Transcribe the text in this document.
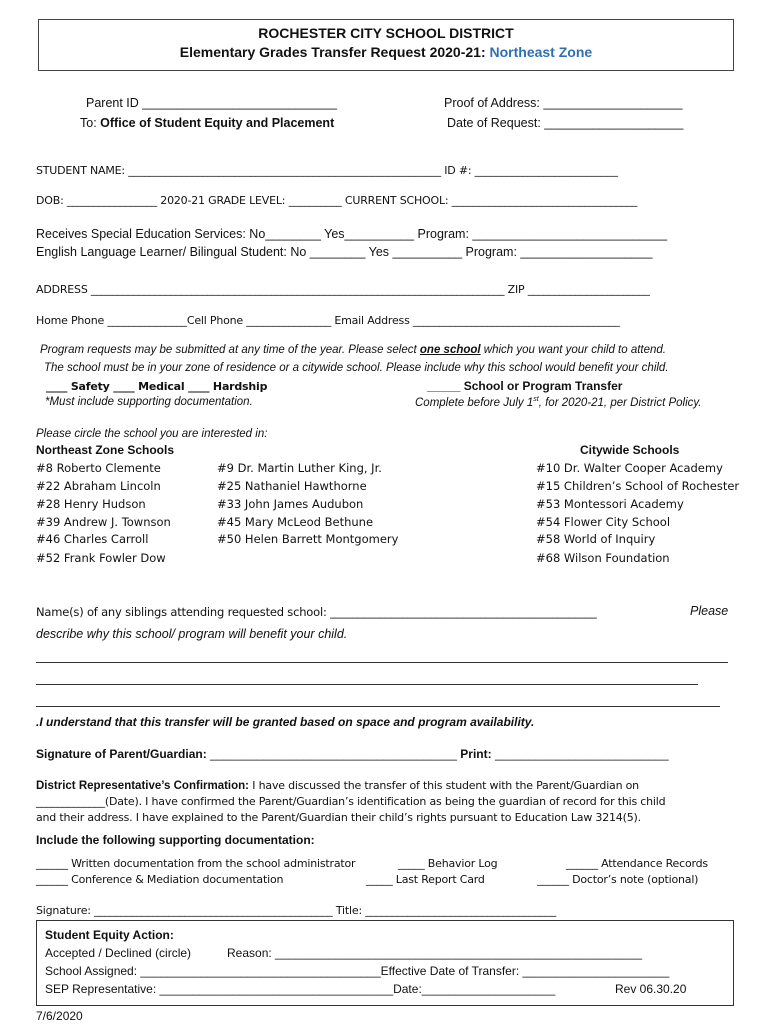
ROCHESTER CITY SCHOOL DISTRICT
Elementary Grades Transfer Request 2020-21: Northeast Zone
Parent ID ____________________________
To: Office of Student Equity and Placement
Proof of Address: ____________________
Date of Request: ____________________
STUDENT NAME: ___________________________________________________________ ID #: ___________________________
DOB: _________________ 2020-21 GRADE LEVEL: __________ CURRENT SCHOOL: ___________________________________
Receives Special Education Services: No________ Yes__________ Program: ____________________________
English Language Learner/ Bilingual Student: No ________ Yes __________ Program: ___________________
ADDRESS ______________________________________________________________________________ ZIP _______________________
Home Phone _______________Cell Phone ________________ Email Address _______________________________________
Program requests may be submitted at any time of the year. Please select one school which you want your child to attend.
The school must be in your zone of residence or a citywide school. Please include why this school would benefit your child.
____ Safety ____ Medical ____ Hardship	_____ School or Program Transfer
*Must include supporting documentation.	Complete before July 1st, for 2020-21, per District Policy.
Please circle the school you are interested in:
Northeast Zone Schools	Citywide Schools
#8 Roberto Clemente
#22 Abraham Lincoln
#28 Henry Hudson
#39 Andrew J. Townson
#46 Charles Carroll
#52 Frank Fowler Dow
#9 Dr. Martin Luther King, Jr.
#25 Nathaniel Hawthorne
#33 John James Audubon
#45 Mary McLeod Bethune
#50 Helen Barrett Montgomery
#10 Dr. Walter Cooper Academy
#15 Children’s School of Rochester
#53 Montessori Academy
#54 Flower City School
#58 World of Inquiry
#68 Wilson Foundation
Name(s) of any siblings attending requested school: ________________________________________________	Please
describe why this school/ program will benefit your child.
.I understand that this transfer will be granted based on space and program availability.
Signature of Parent/Guardian: _____________________________________ Print: __________________________
District Representative’s Confirmation: I have discussed the transfer of this student with the Parent/Guardian on
_____________(Date). I have confirmed the Parent/Guardian’s identification as being the guardian of record for this child
and their address. I have explained to the Parent/Guardian their child’s rights pursuant to Education Law 3214(5).
Include the following supporting documentation:
______ Written documentation from the school administrator	_____ Behavior Log	______ Attendance Records
______ Conference & Mediation documentation	_____ Last Report Card	______ Doctor’s note (optional)
Signature: _____________________________________________ Title: ____________________________________
Student Equity Action:
Accepted / Declined (circle)	Reason: _______________________________________________________
School Assigned: ____________________________________Effective Date of Transfer: ______________________
SEP Representative: ___________________________________Date:____________________	Rev 06.30.20
7/6/2020
